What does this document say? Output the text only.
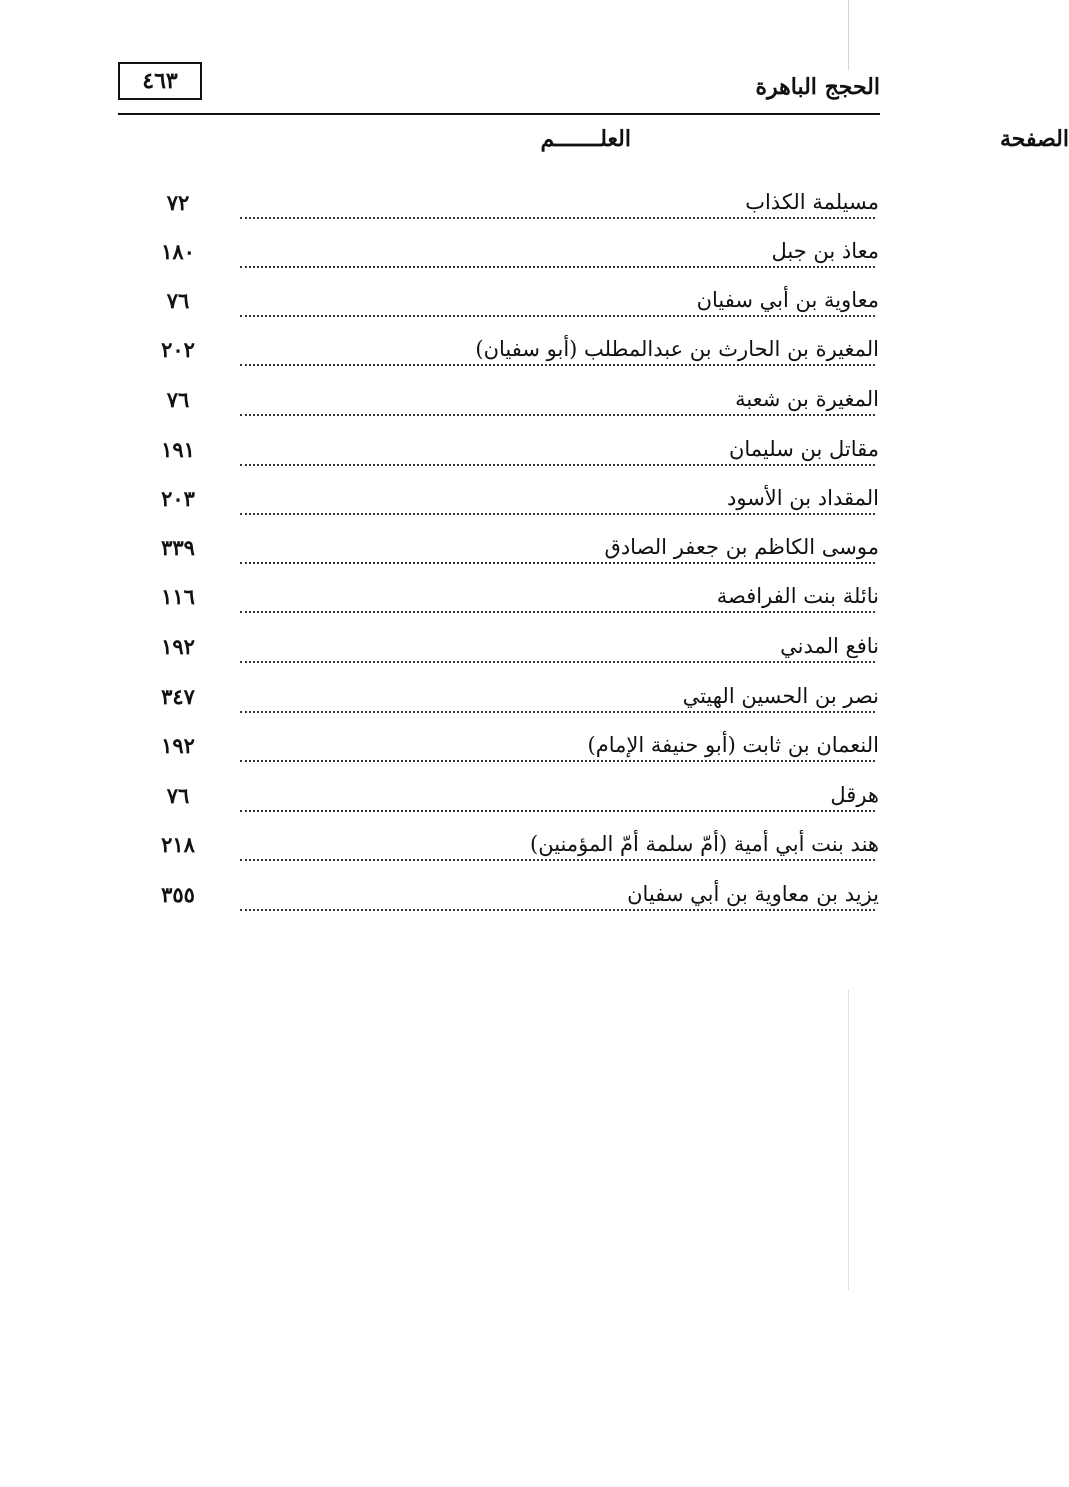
٤٦٣	الحجج الباهرة
العلـــــــم	الصفحة
مسيلمة الكذاب
٧٢
معاذ بن جبل
١٨٠
معاوية بن أبي سفيان
٧٦
المغيرة بن الحارث بن عبدالمطلب (أبو سفيان)
٢٠٢
المغيرة بن شعبة
٧٦
مقاتل بن سليمان
١٩١
المقداد بن الأسود
٢٠٣
موسى الكاظم بن جعفر الصادق
٣٣٩
نائلة بنت الفرافصة
١١٦
نافع المدني
١٩٢
نصر بن الحسين الهيتي
٣٤٧
النعمان بن ثابت (أبو حنيفة الإمام)
١٩٢
هرقل
٧٦
هند بنت أبي أمية (أمّ سلمة أمّ المؤمنين)
٢١٨
يزيد بن معاوية بن أبي سفيان
٣٥٥
